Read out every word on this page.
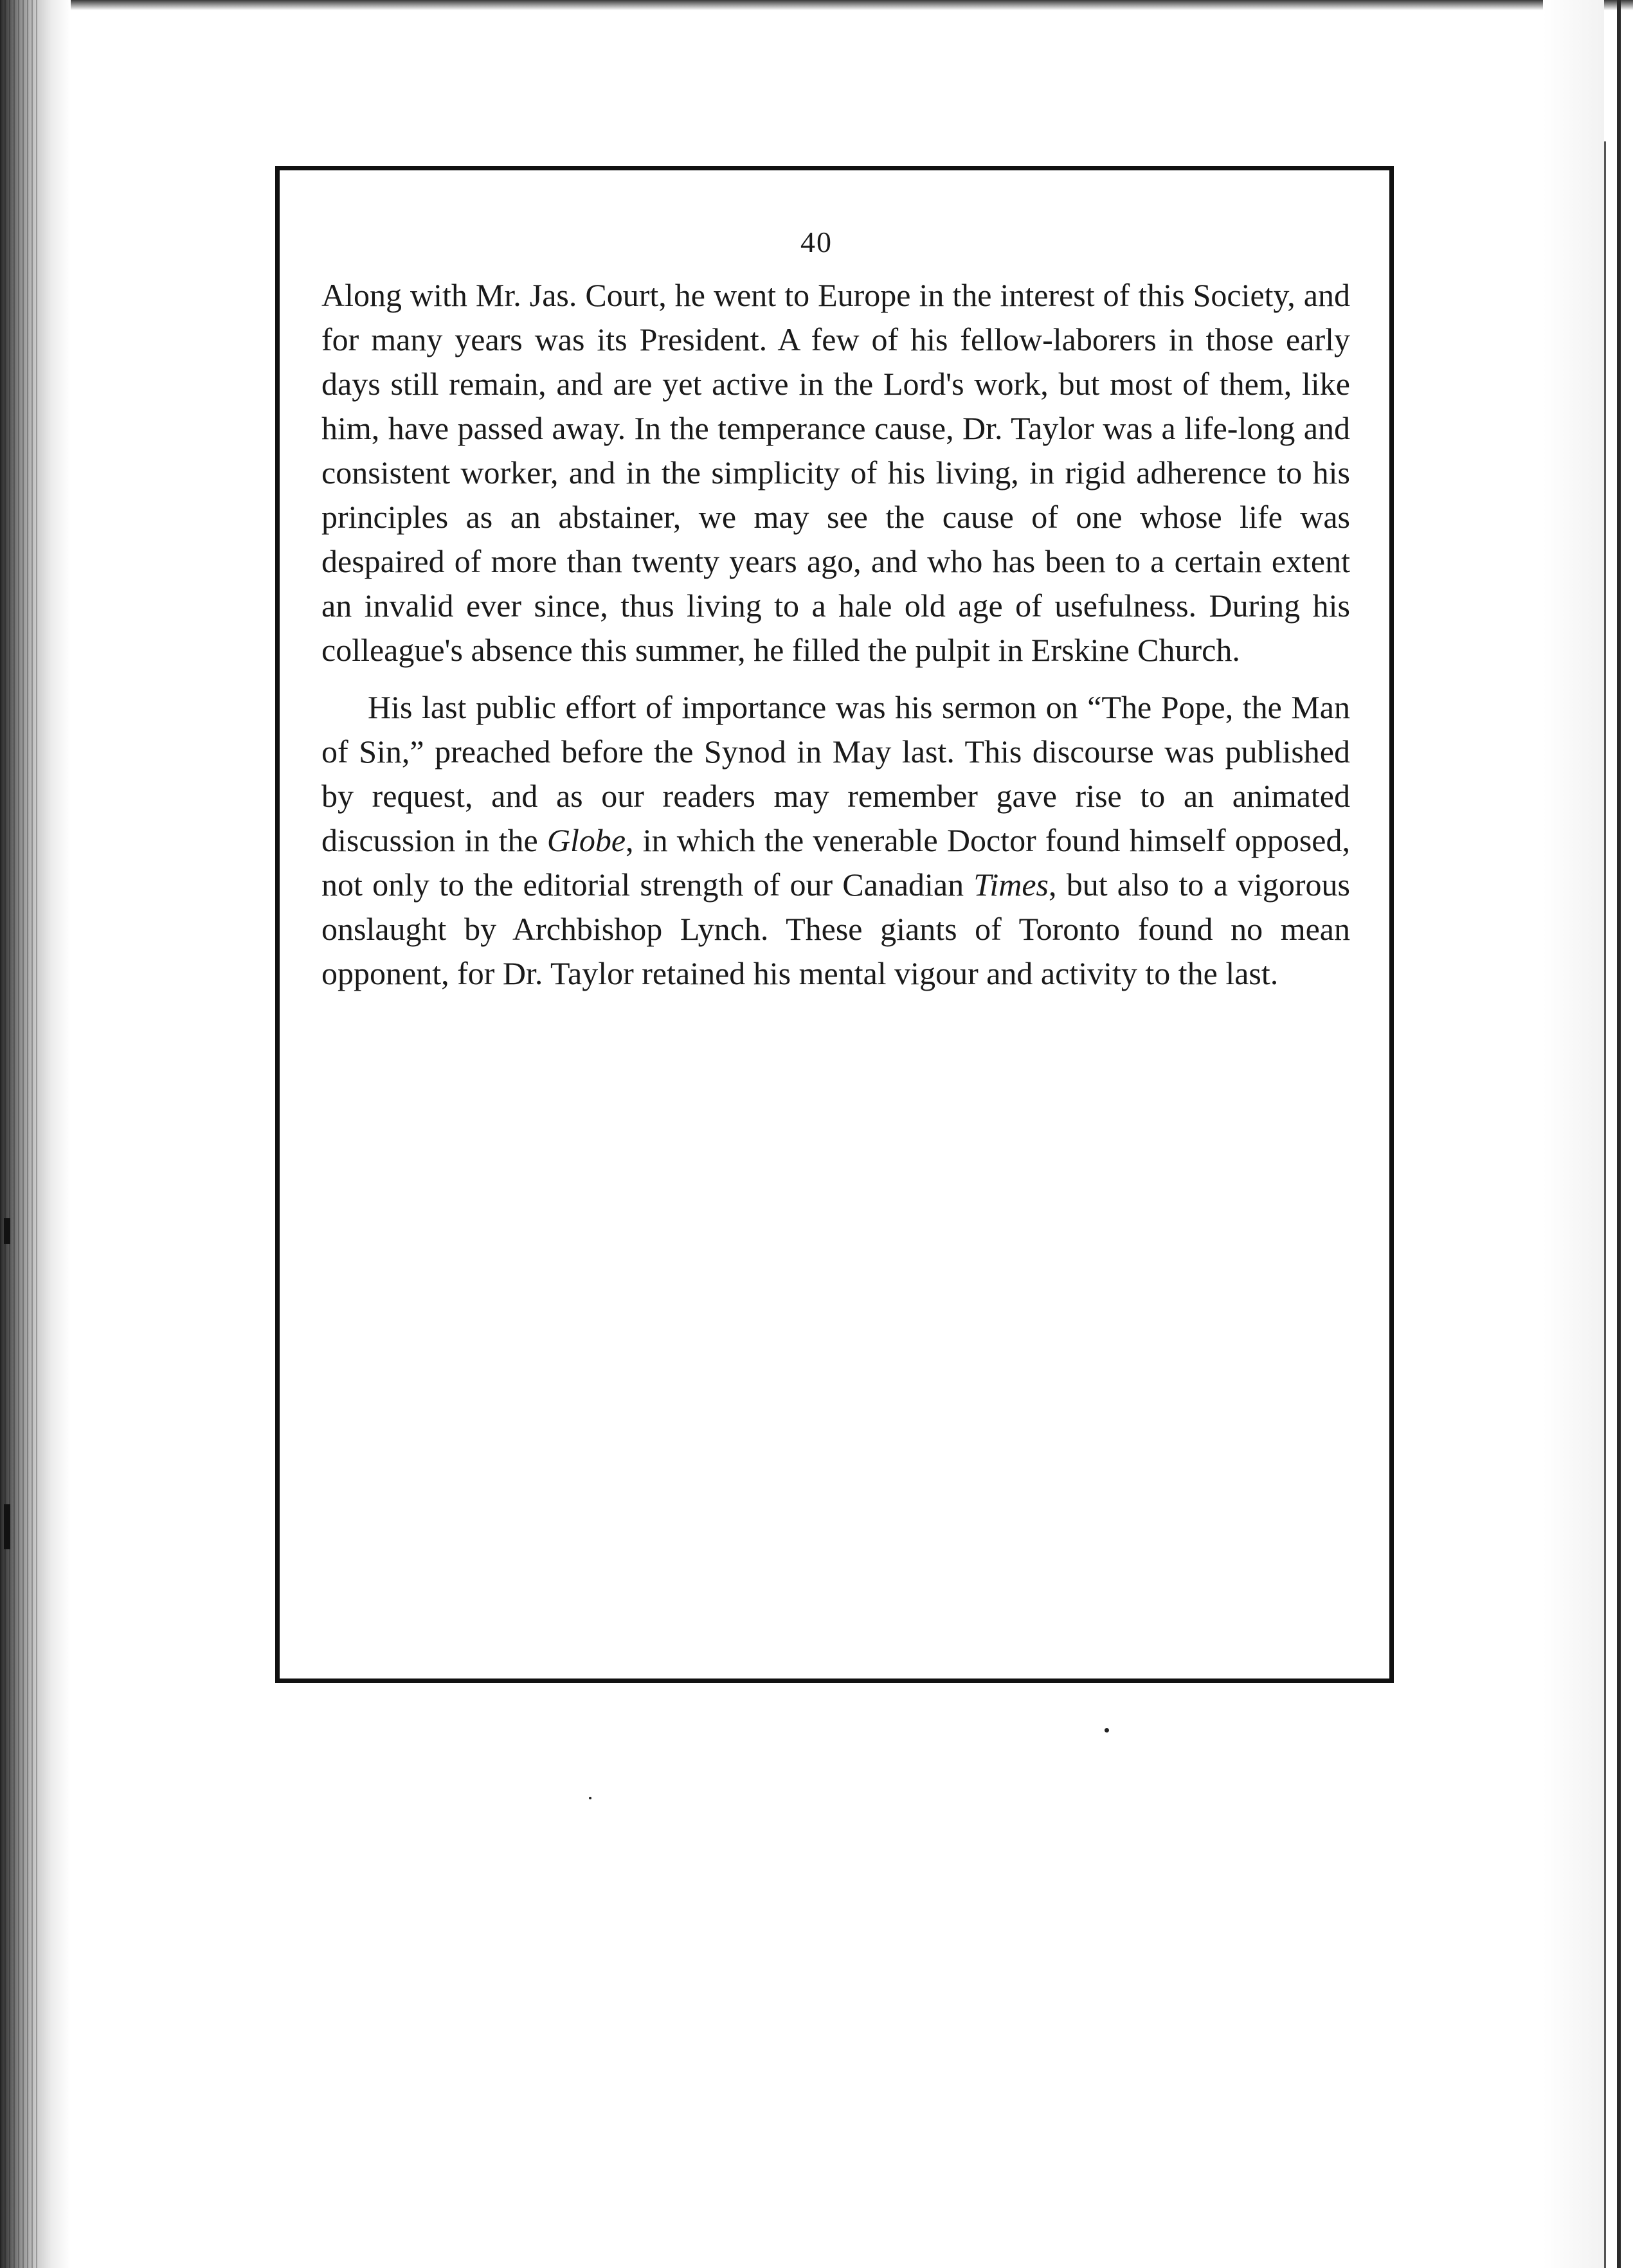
40

Along with Mr. Jas. Court, he went to Europe in the interest of this Society, and for many years was its President. A few of his fellow-laborers in those early days still remain, and are yet active in the Lord's work, but most of them, like him, have passed away. In the temperance cause, Dr. Taylor was a life-long and consistent worker, and in the simplicity of his living, in rigid adherence to his principles as an abstainer, we may see the cause of one whose life was despaired of more than twenty years ago, and who has been to a certain extent an invalid ever since, thus living to a hale old age of usefulness. During his colleague's absence this summer, he filled the pulpit in Erskine Church.

His last public effort of importance was his sermon on “The Pope, the Man of Sin,” preached before the Synod in May last. This discourse was published by request, and as our readers may remember gave rise to an animated discussion in the Globe, in which the venerable Doctor found himself opposed, not only to the editorial strength of our Canadian Times, but also to a vigorous onslaught by Archbishop Lynch. These giants of Toronto found no mean opponent, for Dr. Taylor retained his mental vigour and activity to the last.
